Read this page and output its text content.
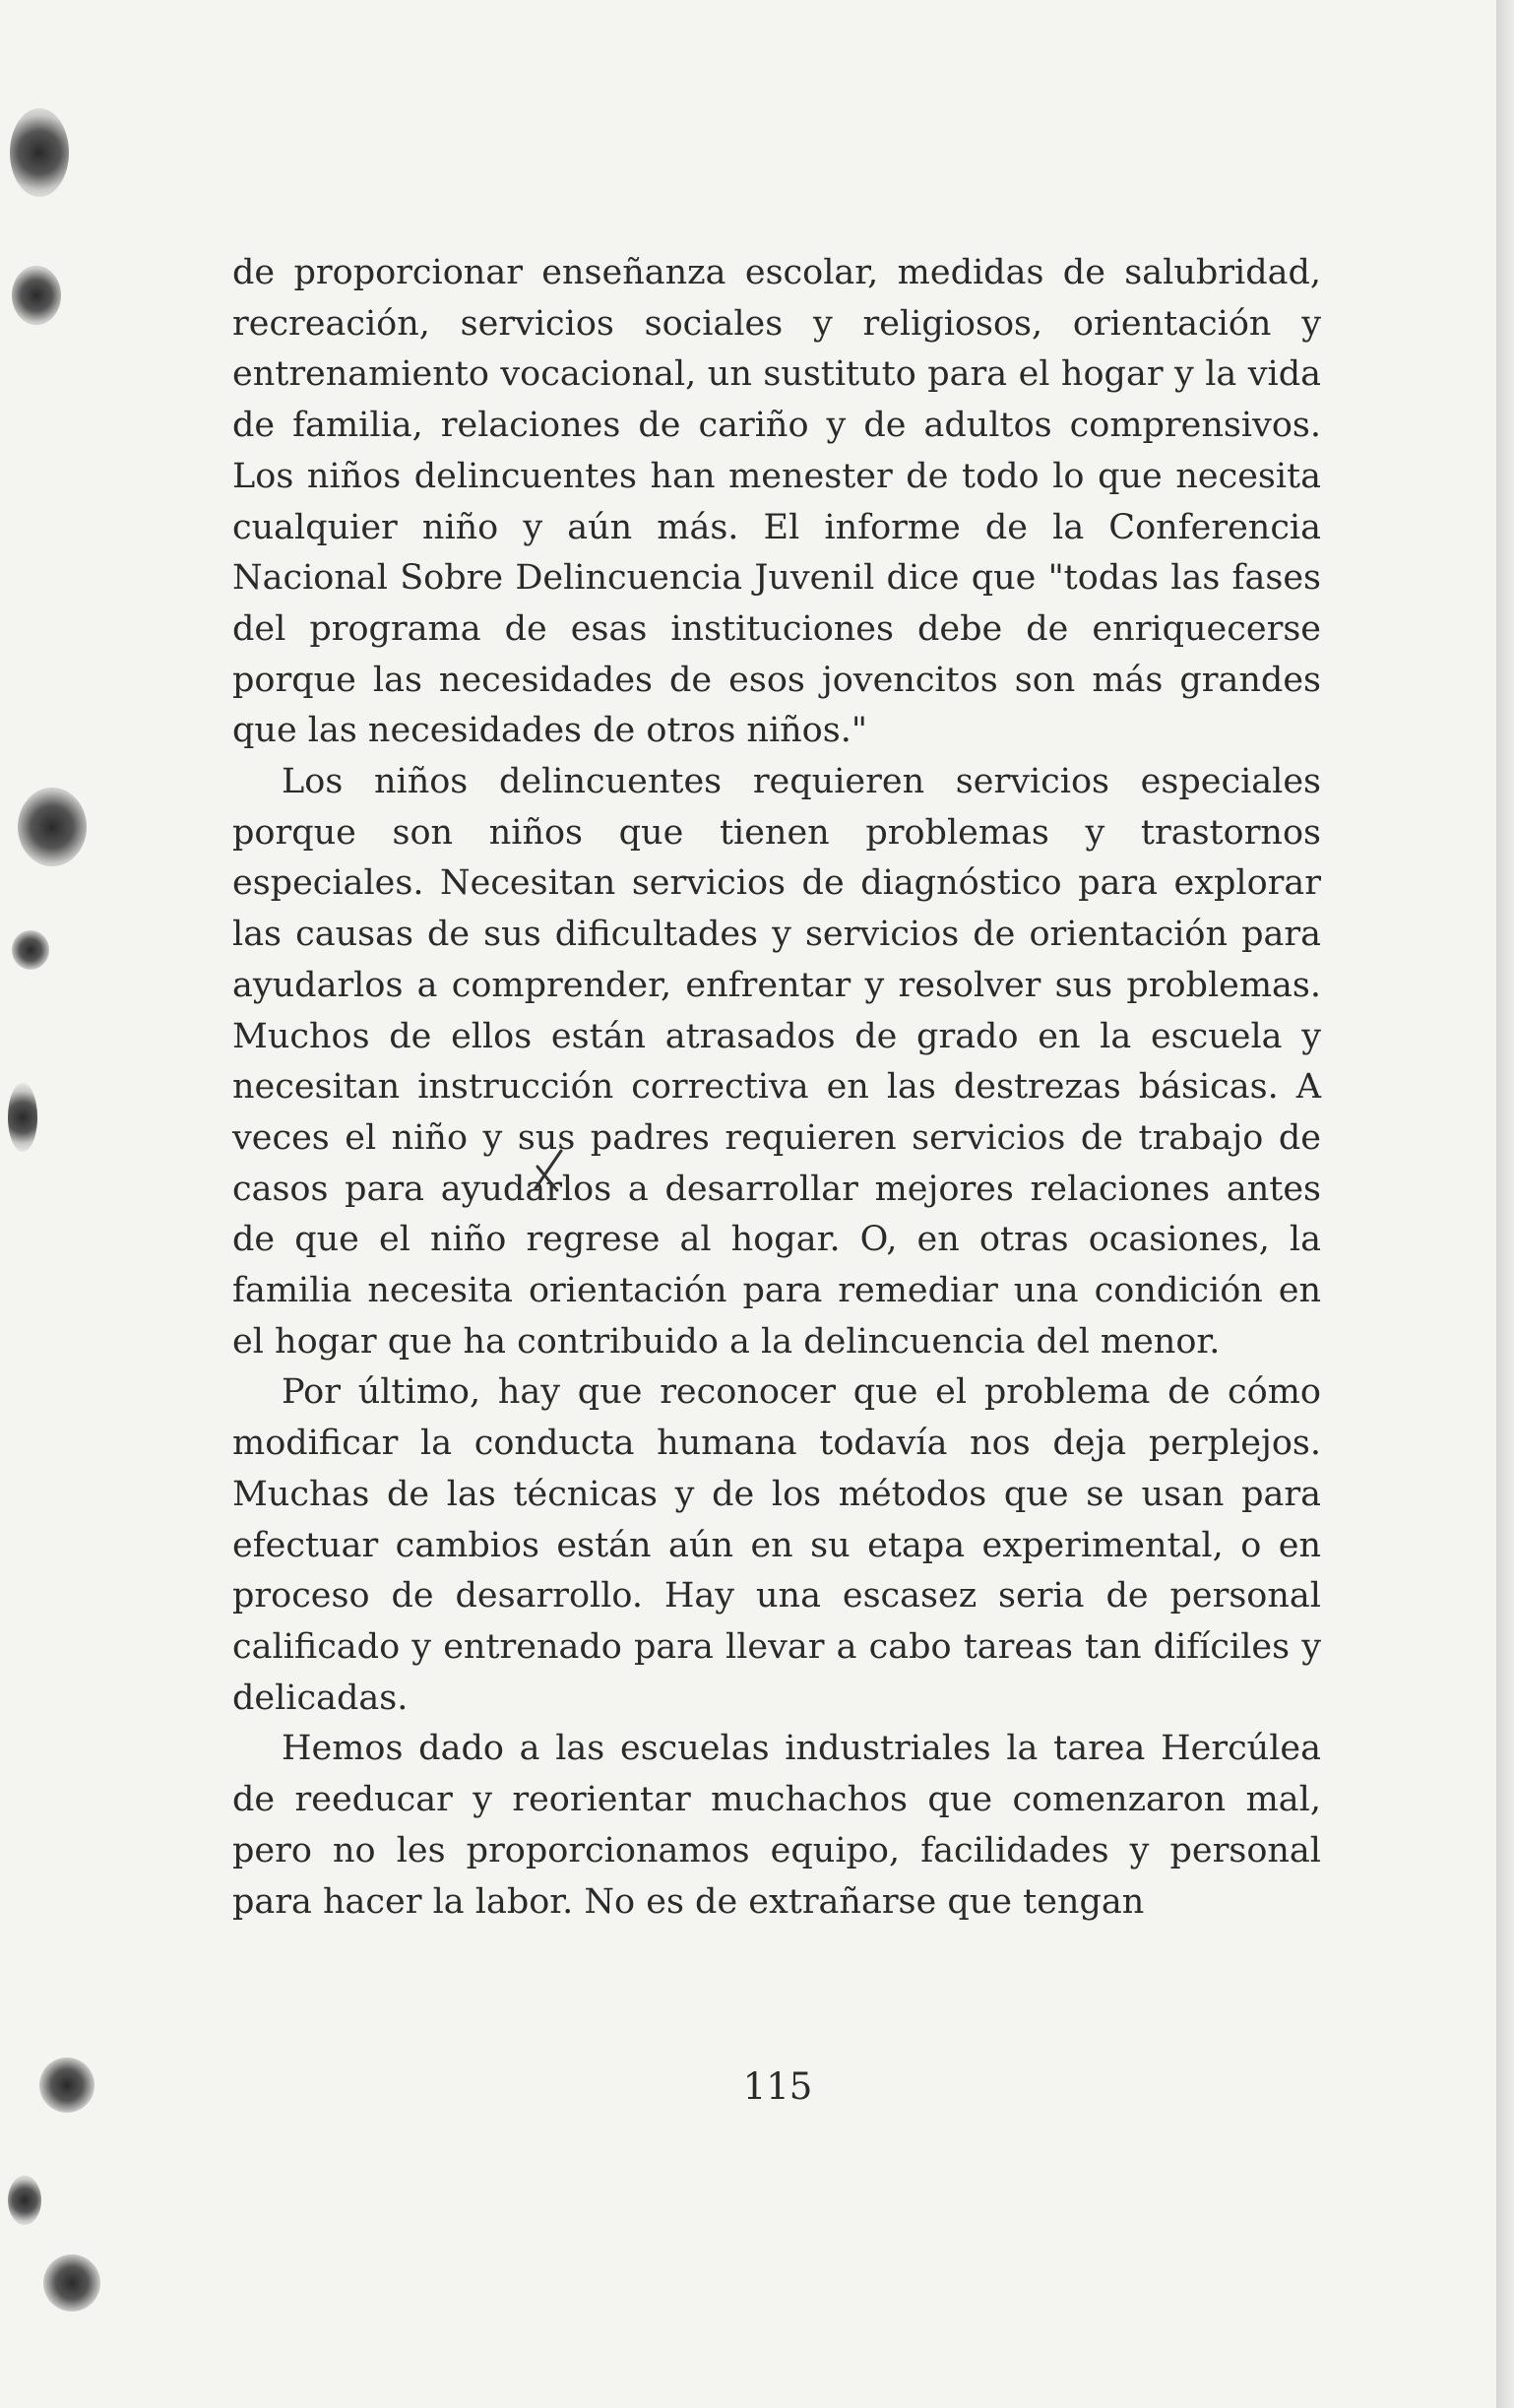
de proporcionar enseñanza escolar, medidas de salubridad, recreación, servicios sociales y religiosos, orientación y entrenamiento vocacional, un sustituto para el hogar y la vida de familia, relaciones de cariño y de adultos comprensivos. Los niños delincuentes han menester de todo lo que necesita cualquier niño y aún más. El informe de la Conferencia Nacional Sobre Delincuencia Juvenil dice que "todas las fases del programa de esas instituciones debe de enriquecerse porque las necesidades de esos jovencitos son más grandes que las necesidades de otros niños."

Los niños delincuentes requieren servicios especiales porque son niños que tienen problemas y trastornos especiales. Necesitan servicios de diagnóstico para explorar las causas de sus dificultades y servicios de orientación para ayudarlos a comprender, enfrentar y resolver sus problemas. Muchos de ellos están atrasados de grado en la escuela y necesitan instrucción correctiva en las destrezas básicas. A veces el niño y sus padres requieren servicios de trabajo de casos para ayudarlos a desarrollar mejores relaciones antes de que el niño regrese al hogar. O, en otras ocasiones, la familia necesita orientación para remediar una condición en el hogar que ha contribuido a la delincuencia del menor.

Por último, hay que reconocer que el problema de cómo modificar la conducta humana todavía nos deja perplejos. Muchas de las técnicas y de los métodos que se usan para efectuar cambios están aún en su etapa experimental, o en proceso de desarrollo. Hay una escasez seria de personal calificado y entrenado para llevar a cabo tareas tan difíciles y delicadas.

Hemos dado a las escuelas industriales la tarea Hercúlea de reeducar y reorientar muchachos que comenzaron mal, pero no les proporcionamos equipo, facilidades y personal para hacer la labor. No es de extrañarse que tengan

115
